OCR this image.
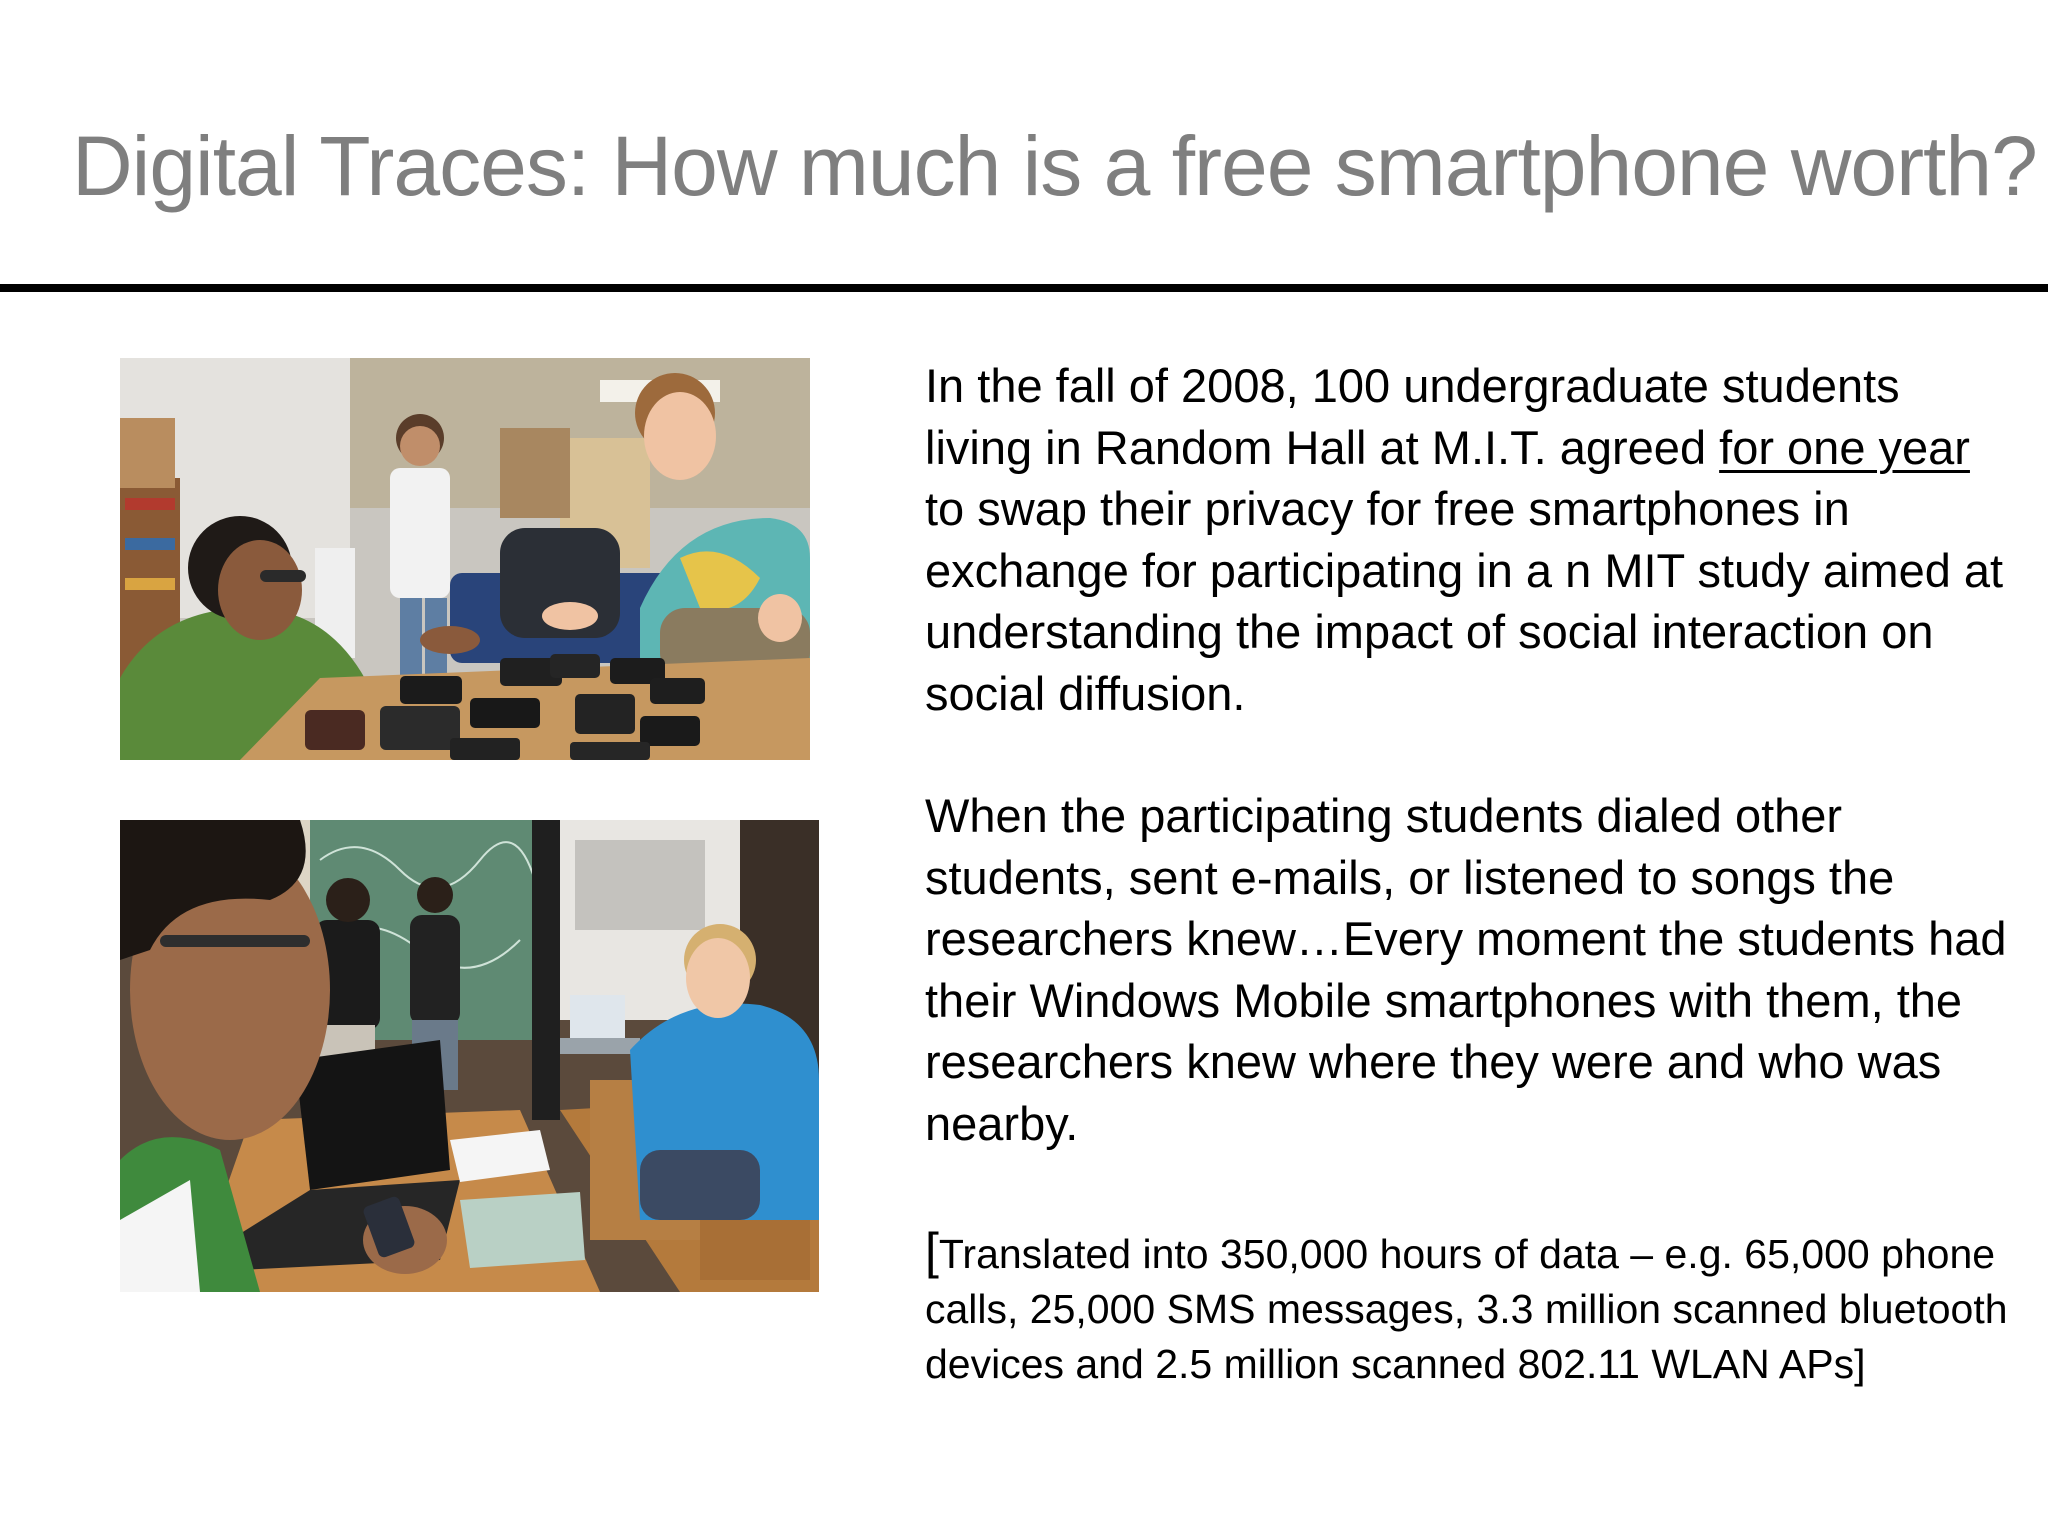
Digital Traces: How much is a free smartphone worth?

In the fall of 2008, 100 undergraduate students living in Random Hall at M.I.T. agreed for one year to swap their privacy for free smartphones in exchange for participating in a n MIT study aimed at understanding the impact of social interaction on social diffusion.

When the participating students dialed other students, sent e-mails, or listened to songs the researchers knew…Every moment the students had their Windows Mobile smartphones with them, the researchers knew where they were and who was nearby.

[Translated into 350,000 hours of data – e.g. 65,000 phone calls, 25,000 SMS messages, 3.3 million scanned bluetooth devices and 2.5 million scanned 802.11 WLAN APs]
